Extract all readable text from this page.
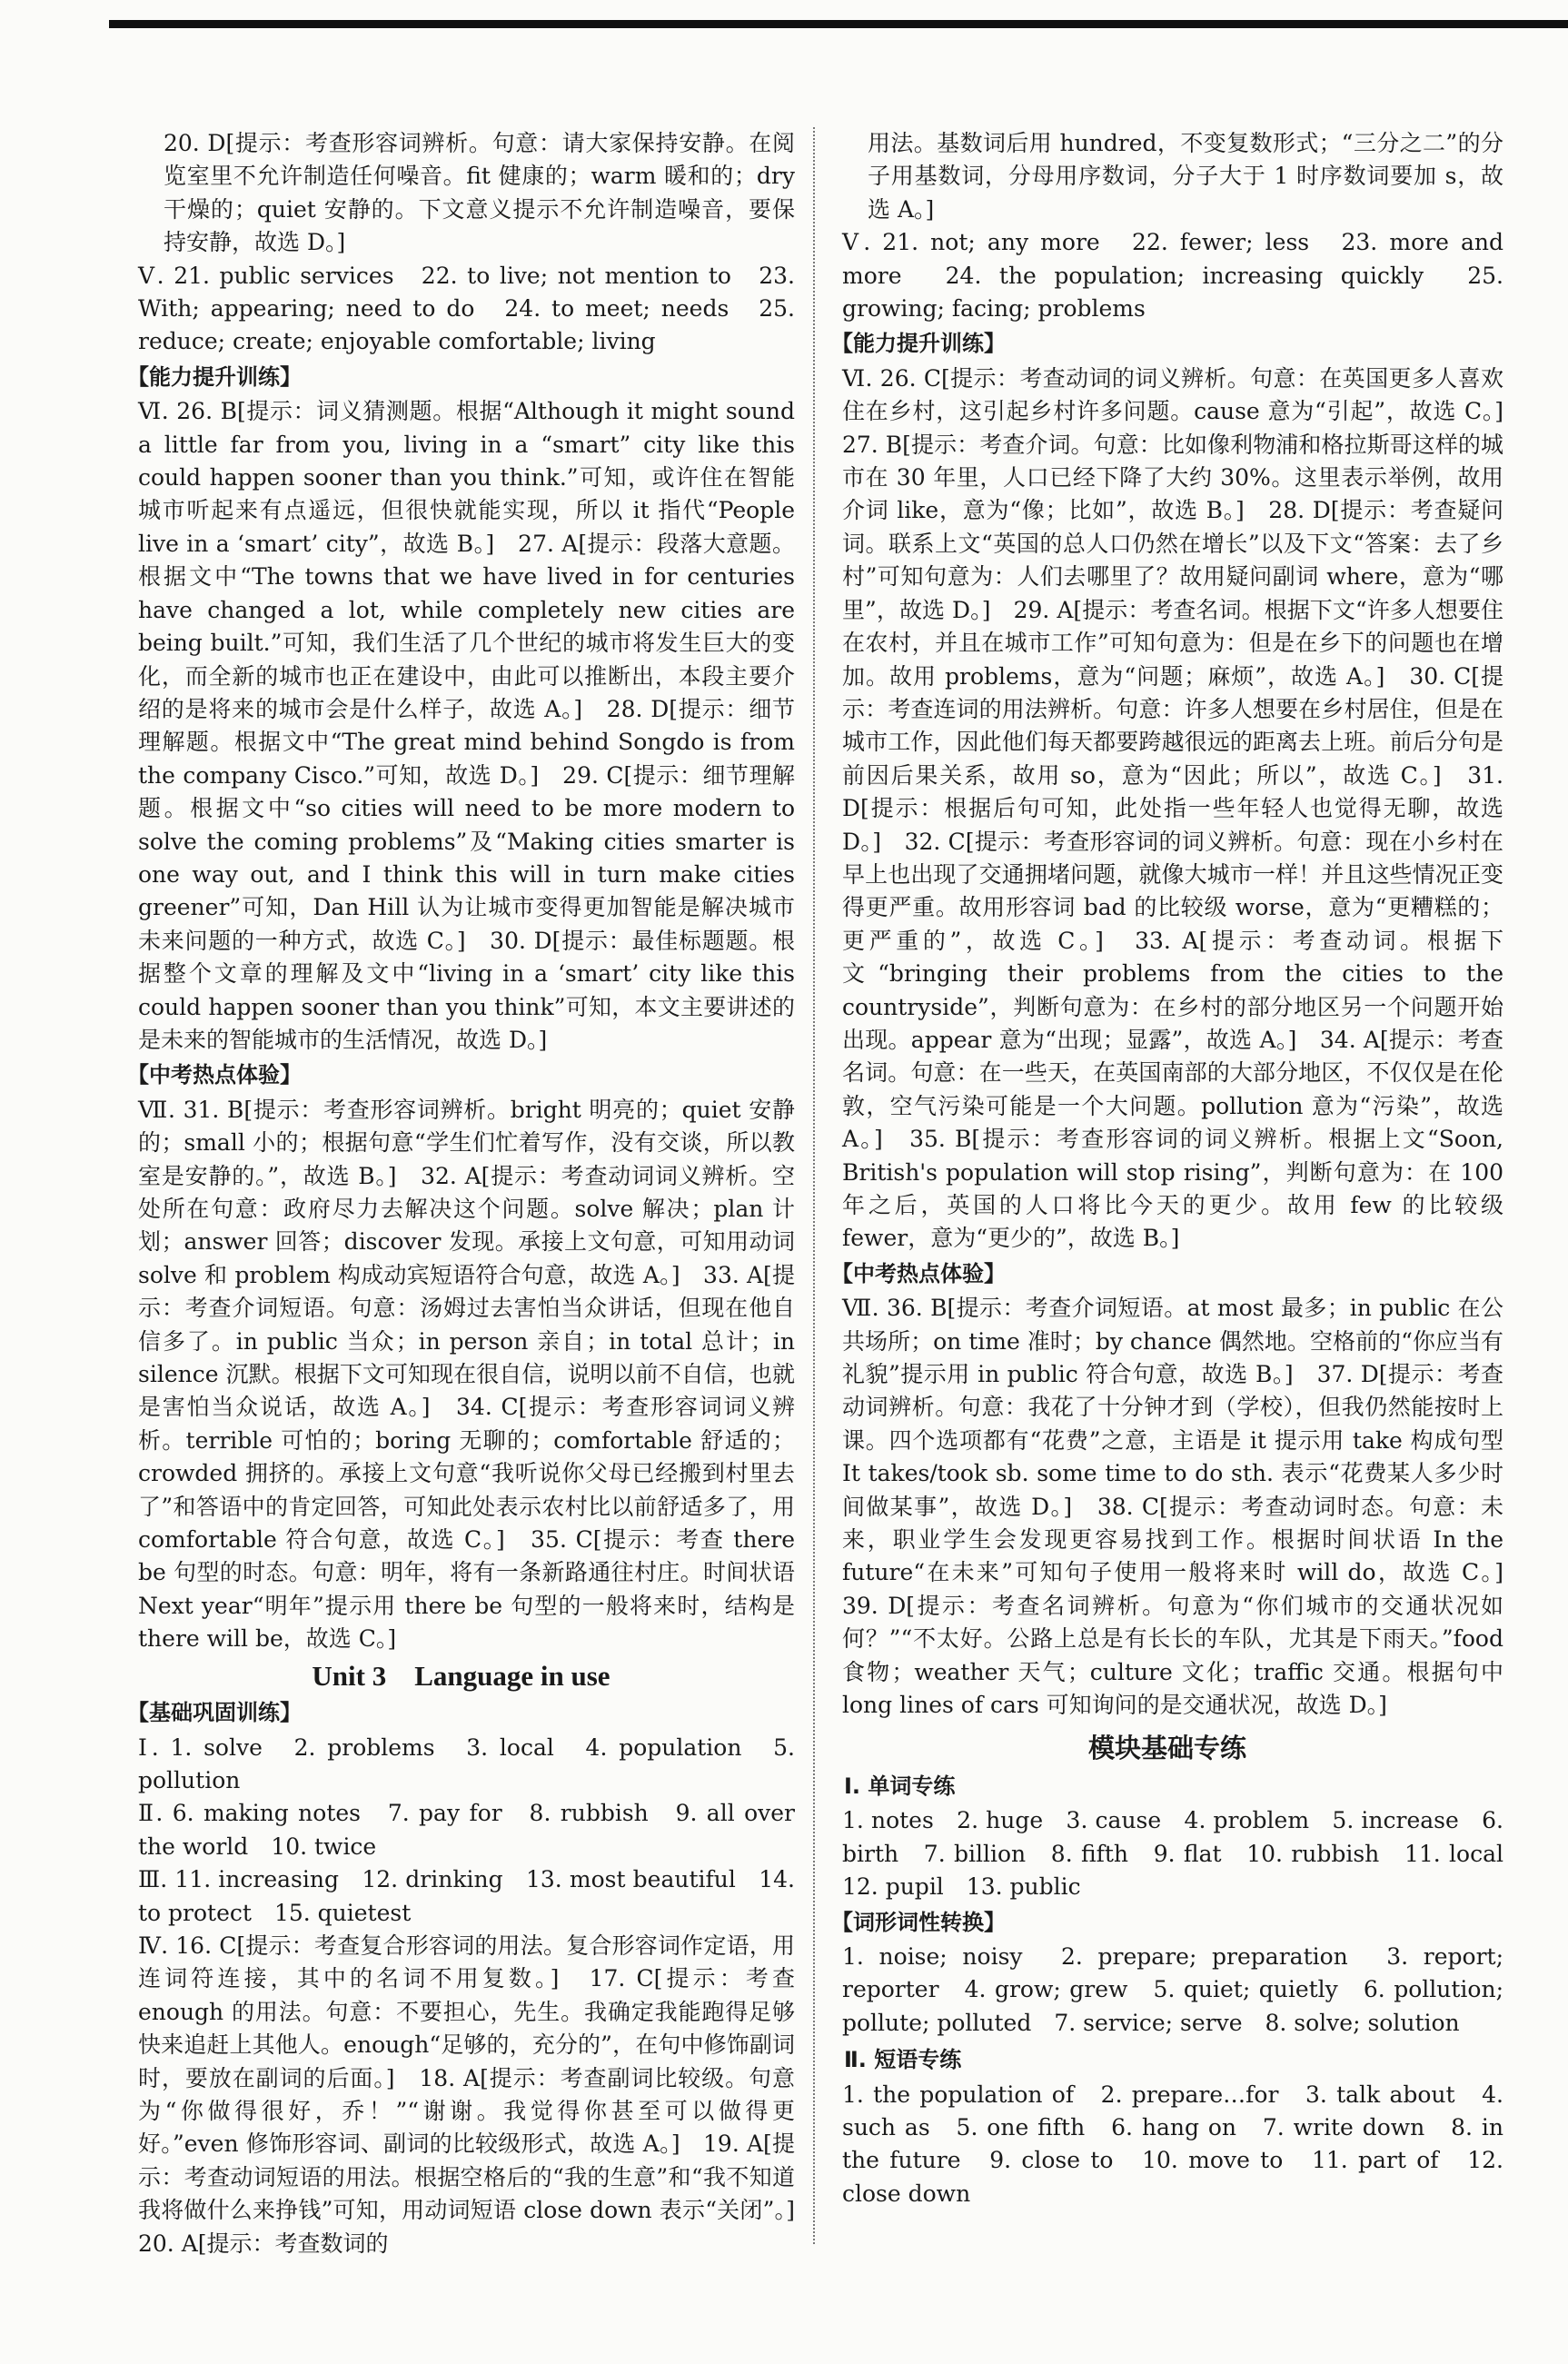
20. D[提示：考查形容词辨析。句意：请大家保持安静。在阅览室里不允许制造任何噪音。fit 健康的；warm 暖和的；dry 干燥的；quiet 安静的。下文意义提示不允许制造噪音，要保持安静，故选 D。]

Ⅴ. 21. public services　22. to live; not mention to　23. With; appearing; need to do　24. to meet; needs　25. reduce; create; enjoyable comfortable; living

【能力提升训练】

Ⅵ. 26. B[提示：词义猜测题。根据“Although it might sound a little far from you, living in a “smart” city like this could happen sooner than you think.”可知，或许住在智能城市听起来有点遥远，但很快就能实现，所以 it 指代“People live in a ‘smart’ city”，故选 B。]　27. A[提示：段落大意题。根据文中“The towns that we have lived in for centuries have changed a lot, while completely new cities are being built.”可知，我们生活了几个世纪的城市将发生巨大的变化，而全新的城市也正在建设中，由此可以推断出，本段主要介绍的是将来的城市会是什么样子，故选 A。]　28. D[提示：细节理解题。根据文中“The great mind behind Songdo is from the company Cisco.”可知，故选 D。]　29. C[提示：细节理解题。根据文中“so cities will need to be more modern to solve the coming problems”及“Making cities smarter is one way out, and I think this will in turn make cities greener”可知，Dan Hill 认为让城市变得更加智能是解决城市未来问题的一种方式，故选 C。]　30. D[提示：最佳标题题。根据整个文章的理解及文中“living in a ‘smart’ city like this could happen sooner than you think”可知，本文主要讲述的是未来的智能城市的生活情况，故选 D。]

【中考热点体验】

Ⅶ. 31. B[提示：考查形容词辨析。bright 明亮的；quiet 安静的；small 小的；根据句意“学生们忙着写作，没有交谈，所以教室是安静的。”，故选 B。]　32. A[提示：考查动词词义辨析。空处所在句意：政府尽力去解决这个问题。solve 解决；plan 计划；answer 回答；discover 发现。承接上文句意，可知用动词 solve 和 problem 构成动宾短语符合句意，故选 A。]　33. A[提示：考查介词短语。句意：汤姆过去害怕当众讲话，但现在他自信多了。in public 当众；in person 亲自；in total 总计；in silence 沉默。根据下文可知现在很自信，说明以前不自信，也就是害怕当众说话，故选 A。]　34. C[提示：考查形容词词义辨析。terrible 可怕的；boring 无聊的；comfortable 舒适的；crowded 拥挤的。承接上文句意“我听说你父母已经搬到村里去了”和答语中的肯定回答，可知此处表示农村比以前舒适多了，用 comfortable 符合句意，故选 C。]　35. C[提示：考查 there be 句型的时态。句意：明年，将有一条新路通往村庄。时间状语 Next year“明年”提示用 there be 句型的一般将来时，结构是 there will be，故选 C。]

Unit 3　Language in use
【基础巩固训练】

Ⅰ. 1. solve　2. problems　3. local　4. population　5. pollution

Ⅱ. 6. making notes　7. pay for　8. rubbish　9. all over the world　10. twice

Ⅲ. 11. increasing　12. drinking　13. most beautiful　14. to protect　15. quietest

Ⅳ. 16. C[提示：考查复合形容词的用法。复合形容词作定语，用连词符连接，其中的名词不用复数。]　17. C[提示：考查 enough 的用法。句意：不要担心，先生。我确定我能跑得足够快来追赶上其他人。enough“足够的，充分的”，在句中修饰副词时，要放在副词的后面。]　18. A[提示：考查副词比较级。句意为“你做得很好，乔！”“谢谢。我觉得你甚至可以做得更好。”even 修饰形容词、副词的比较级形式，故选 A。]　19. A[提示：考查动词短语的用法。根据空格后的“我的生意”和“我不知道我将做什么来挣钱”可知，用动词短语 close down 表示“关闭”。]　20. A[提示：考查数词的

用法。基数词后用 hundred，不变复数形式；“三分之二”的分子用基数词，分母用序数词，分子大于 1 时序数词要加 s，故选 A。]

Ⅴ. 21. not; any more　22. fewer; less　23. more and more　24. the population; increasing quickly　25. growing; facing; problems

【能力提升训练】

Ⅵ. 26. C[提示：考查动词的词义辨析。句意：在英国更多人喜欢住在乡村，这引起乡村许多问题。cause 意为“引起”，故选 C。]　27. B[提示：考查介词。句意：比如像利物浦和格拉斯哥这样的城市在 30 年里，人口已经下降了大约 30%。这里表示举例，故用介词 like，意为“像；比如”，故选 B。]　28. D[提示：考查疑问词。联系上文“英国的总人口仍然在增长”以及下文“答案：去了乡村”可知句意为：人们去哪里了？故用疑问副词 where，意为“哪里”，故选 D。]　29. A[提示：考查名词。根据下文“许多人想要住在农村，并且在城市工作”可知句意为：但是在乡下的问题也在增加。故用 problems，意为“问题；麻烦”，故选 A。]　30. C[提示：考查连词的用法辨析。句意：许多人想要在乡村居住，但是在城市工作，因此他们每天都要跨越很远的距离去上班。前后分句是前因后果关系，故用 so，意为“因此；所以”，故选 C。]　31. D[提示：根据后句可知，此处指一些年轻人也觉得无聊，故选 D。]　32. C[提示：考查形容词的词义辨析。句意：现在小乡村在早上也出现了交通拥堵问题，就像大城市一样！并且这些情况正变得更严重。故用形容词 bad 的比较级 worse，意为“更糟糕的；更严重的”，故选 C。]　33. A[提示：考查动词。根据下文“bringing their problems from the cities to the countryside”，判断句意为：在乡村的部分地区另一个问题开始出现。appear 意为“出现；显露”，故选 A。]　34. A[提示：考查名词。句意：在一些天，在英国南部的大部分地区，不仅仅是在伦敦，空气污染可能是一个大问题。pollution 意为“污染”，故选 A。]　35. B[提示：考查形容词的词义辨析。根据上文“Soon, British's population will stop rising”，判断句意为：在 100 年之后，英国的人口将比今天的更少。故用 few 的比较级 fewer，意为“更少的”，故选 B。]

【中考热点体验】

Ⅶ. 36. B[提示：考查介词短语。at most 最多；in public 在公共场所；on time 准时；by chance 偶然地。空格前的“你应当有礼貌”提示用 in public 符合句意，故选 B。]　37. D[提示：考查动词辨析。句意：我花了十分钟才到（学校），但我仍然能按时上课。四个选项都有“花费”之意，主语是 it 提示用 take 构成句型 It takes/took sb. some time to do sth. 表示“花费某人多少时间做某事”，故选 D。]　38. C[提示：考查动词时态。句意：未来，职业学生会发现更容易找到工作。根据时间状语 In the future“在未来”可知句子使用一般将来时 will do，故选 C。]　39. D[提示：考查名词辨析。句意为“你们城市的交通状况如何？”“不太好。公路上总是有长长的车队，尤其是下雨天。”food 食物；weather 天气；culture 文化；traffic 交通。根据句中 long lines of cars 可知询问的是交通状况，故选 D。]

模块基础专练
Ⅰ. 单词专练

1. notes　2. huge　3. cause　4. problem　5. increase　6. birth　7. billion　8. fifth　9. flat　10. rubbish　11. local　12. pupil　13. public

【词形词性转换】

1. noise; noisy　2. prepare; preparation　3. report; reporter　4. grow; grew　5. quiet; quietly　6. pollution; pollute; polluted　7. service; serve　8. solve; solution

Ⅱ. 短语专练

1. the population of　2. prepare…for　3. talk about　4. such as　5. one fifth　6. hang on　7. write down　8. in the future　9. close to　10. move to　11. part of　12. close down
